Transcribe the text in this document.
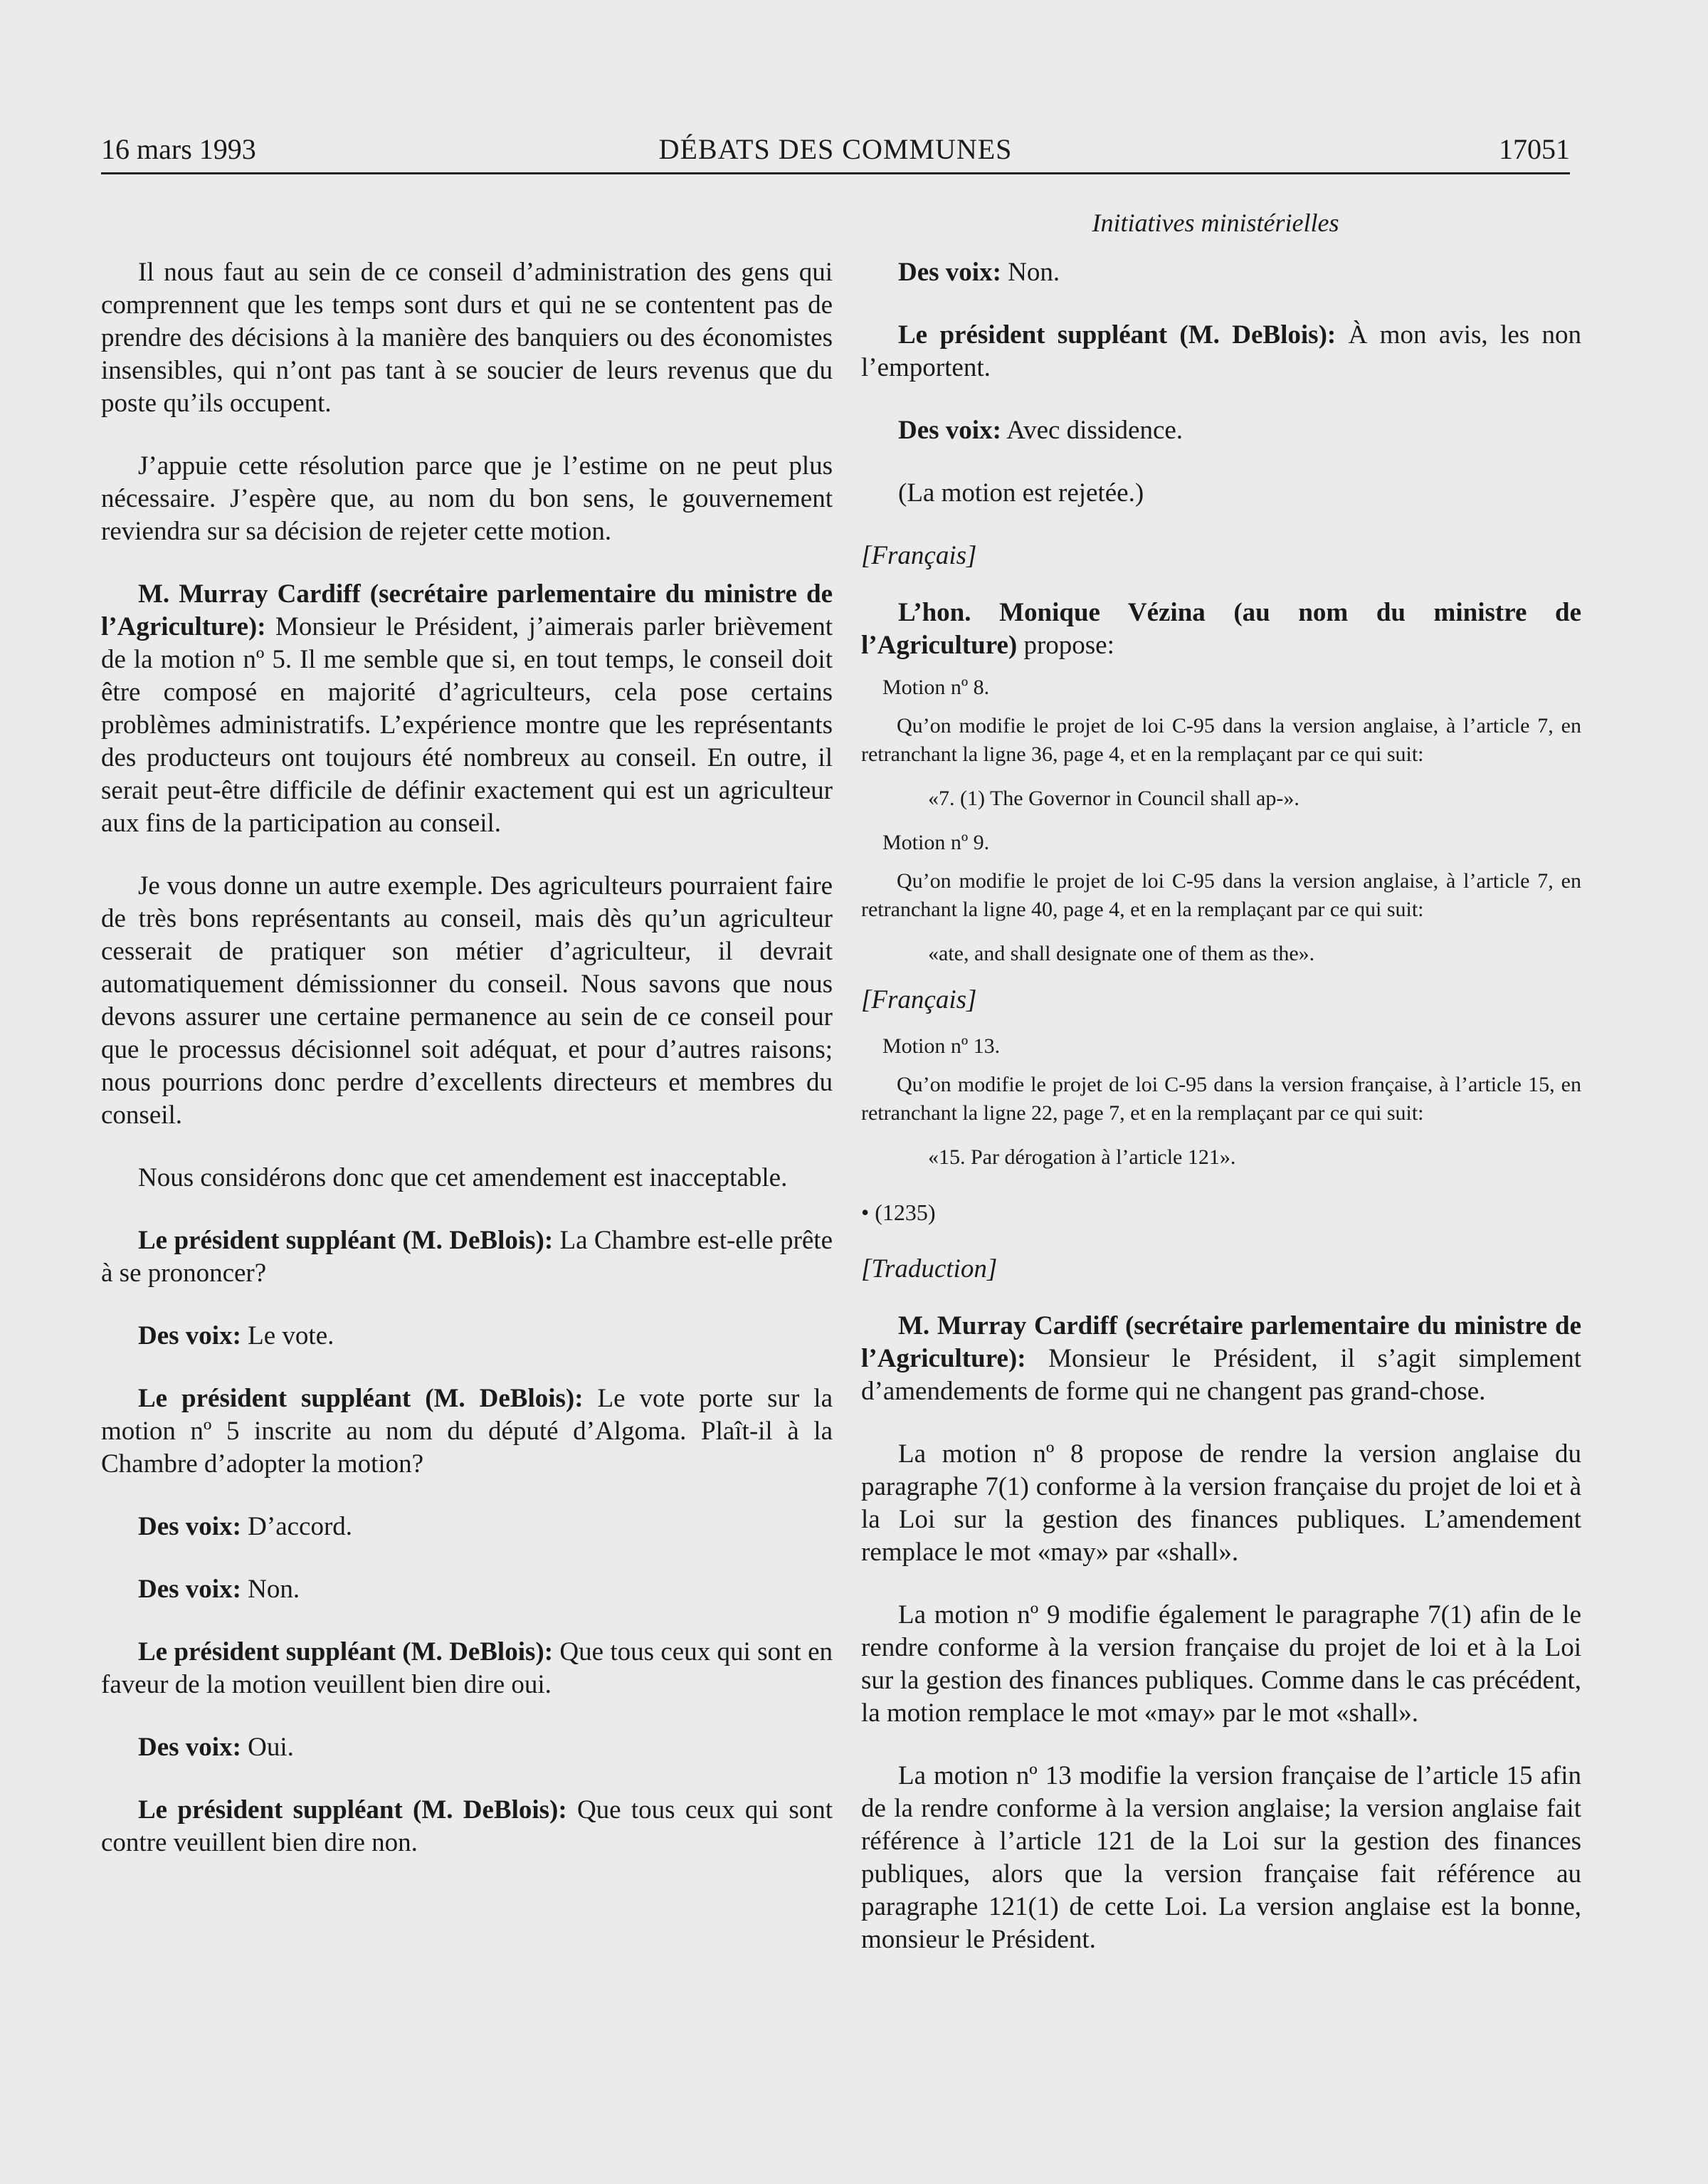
16 mars 1993	DÉBATS DES COMMUNES	17051
Initiatives ministérielles

Il nous faut au sein de ce conseil d’administration des gens qui comprennent que les temps sont durs et qui ne se contentent pas de prendre des décisions à la manière des banquiers ou des économistes insensibles, qui n’ont pas tant à se soucier de leurs revenus que du poste qu’ils occupent.

J’appuie cette résolution parce que je l’estime on ne peut plus nécessaire. J’espère que, au nom du bon sens, le gouvernement reviendra sur sa décision de rejeter cette motion.

M. Murray Cardiff (secrétaire parlementaire du ministre de l’Agriculture): Monsieur le Président, j’aimerais parler brièvement de la motion nº 5. Il me semble que si, en tout temps, le conseil doit être composé en majorité d’agriculteurs, cela pose certains problèmes administratifs. L’expérience montre que les représentants des producteurs ont toujours été nombreux au conseil. En outre, il serait peut-être difficile de définir exactement qui est un agriculteur aux fins de la participation au conseil.

Je vous donne un autre exemple. Des agriculteurs pourraient faire de très bons représentants au conseil, mais dès qu’un agriculteur cesserait de pratiquer son métier d’agriculteur, il devrait automatiquement démissionner du conseil. Nous savons que nous devons assurer une certaine permanence au sein de ce conseil pour que le processus décisionnel soit adéquat, et pour d’autres raisons; nous pourrions donc perdre d’excellents directeurs et membres du conseil.

Nous considérons donc que cet amendement est inacceptable.

Le président suppléant (M. DeBlois): La Chambre est-elle prête à se prononcer?

Des voix: Le vote.

Le président suppléant (M. DeBlois): Le vote porte sur la motion nº 5 inscrite au nom du député d’Algoma. Plaît-il à la Chambre d’adopter la motion?

Des voix: D’accord.

Des voix: Non.

Le président suppléant (M. DeBlois): Que tous ceux qui sont en faveur de la motion veuillent bien dire oui.

Des voix: Oui.

Le président suppléant (M. DeBlois): Que tous ceux qui sont contre veuillent bien dire non.

Des voix: Non.

Le président suppléant (M. DeBlois): À mon avis, les non l’emportent.

Des voix: Avec dissidence.

(La motion est rejetée.)

[Français]

L’hon. Monique Vézina (au nom du ministre de l’Agriculture) propose:

Motion nº 8.

Qu’on modifie le projet de loi C-95 dans la version anglaise, à l’article 7, en retranchant la ligne 36, page 4, et en la remplaçant par ce qui suit:

«7. (1) The Governor in Council shall ap-».

Motion nº 9.

Qu’on modifie le projet de loi C-95 dans la version anglaise, à l’article 7, en retranchant la ligne 40, page 4, et en la remplaçant par ce qui suit:

«ate, and shall designate one of them as the».

[Français]

Motion nº 13.

Qu’on modifie le projet de loi C-95 dans la version française, à l’article 15, en retranchant la ligne 22, page 7, et en la remplaçant par ce qui suit:

«15. Par dérogation à l’article 121».

• (1235)

[Traduction]

M. Murray Cardiff (secrétaire parlementaire du ministre de l’Agriculture): Monsieur le Président, il s’agit simplement d’amendements de forme qui ne changent pas grand-chose.

La motion nº 8 propose de rendre la version anglaise du paragraphe 7(1) conforme à la version française du projet de loi et à la Loi sur la gestion des finances publiques. L’amendement remplace le mot «may» par «shall».

La motion nº 9 modifie également le paragraphe 7(1) afin de le rendre conforme à la version française du projet de loi et à la Loi sur la gestion des finances publiques. Comme dans le cas précédent, la motion remplace le mot «may» par le mot «shall».

La motion nº 13 modifie la version française de l’article 15 afin de la rendre conforme à la version anglaise; la version anglaise fait référence à l’article 121 de la Loi sur la gestion des finances publiques, alors que la version française fait référence au paragraphe 121(1) de cette Loi. La version anglaise est la bonne, monsieur le Président.
